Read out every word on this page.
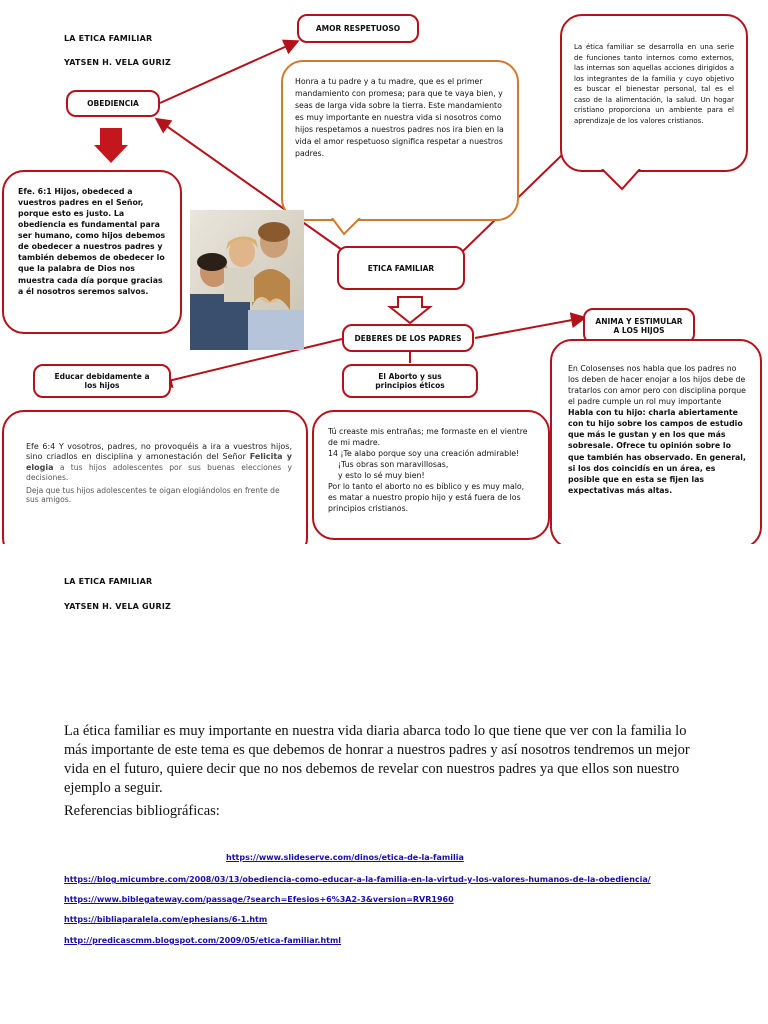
LA ETICA FAMILIAR
YATSEN H. VELA GURIZ
AMOR RESPETUOSO
OBEDIENCIA
ETICA FAMILIAR
DEBERES DE LOS PADRES
ANIMA Y ESTIMULAR
A LOS HIJOS
Educar debidamente a los hijos
El Aborto y sus principios éticos
Honra a tu padre y a tu madre, que es el primer mandamiento con promesa; para que te vaya bien, y seas de larga vida sobre la tierra. Este mandamiento es muy importante en nuestra vida si nosotros como hijos respetamos a nuestros padres nos ira bien en la vida el amor respetuoso significa respetar a nuestros padres.
La ética familiar se desarrolla en una serie de funciones tanto internos como externos, las internas son aquellas acciones dirigidos a los integrantes de la familia y cuyo objetivo es buscar el bienestar personal, tal es el caso de la alimentación, la salud. Un hogar cristiano proporciona un ambiente para el aprendizaje de los valores cristianos.
Efe. 6:1 Hijos, obedeced a vuestros padres en el Señor, porque esto es justo. La obediencia es fundamental para ser humano, como hijos debemos de obedecer a nuestros padres y también debemos de obedecer lo que la palabra de Dios nos muestra cada día porque gracias a él nosotros seremos salvos.
Efe 6:4 Y vosotros, padres, no provoquéis a ira a vuestros hijos, sino criadlos en disciplina y amonestación del Señor Felicita y elogia a tus hijos adolescentes por sus buenas elecciones y decisiones.
Deja que tus hijos adolescentes te oigan elogiándolos en frente de sus amigos.
Tú creaste mis entrañas; me formaste en el vientre de mi madre.
14 ¡Te alabo porque soy una creación admirable!
¡Tus obras son maravillosas,
y esto lo sé muy bien!
Por lo tanto el aborto no es bíblico y es muy malo, es matar a nuestro propio hijo y está fuera de los principios cristianos.
En Colosenses nos habla que los padres no los deben de hacer enojar a los hijos debe de tratarlos con amor pero con disciplina porque el padre cumple un rol muy importante
Habla con tu hijo: charla abiertamente con tu hijo sobre los campos de estudio que más le gustan y en los que más sobresale. Ofrece tu opinión sobre lo que también has observado. En general, si los dos coincidís en un área, es posible que en esta se fijen las expectativas más altas.
LA ETICA FAMILIAR
YATSEN H. VELA GURIZ
La ética familiar es muy importante en nuestra vida diaria abarca todo lo que tiene que ver con la familia lo más importante de este tema es que debemos de honrar a nuestros padres y así nosotros tendremos un mejor vida en el futuro, quiere decir que no nos debemos de revelar con nuestros padres ya que ellos son nuestro ejemplo a seguir.
Referencias bibliográficas:
https://www.slideserve.com/dinos/etica-de-la-familia
https://blog.micumbre.com/2008/03/13/obediencia-como-educar-a-la-familia-en-la-virtud-y-los-valores-humanos-de-la-obediencia/
https://www.biblegateway.com/passage/?search=Efesios+6%3A2-3&version=RVR1960
https://bibliaparalela.com/ephesians/6-1.htm
http://predicascmm.blogspot.com/2009/05/etica-familiar.html
